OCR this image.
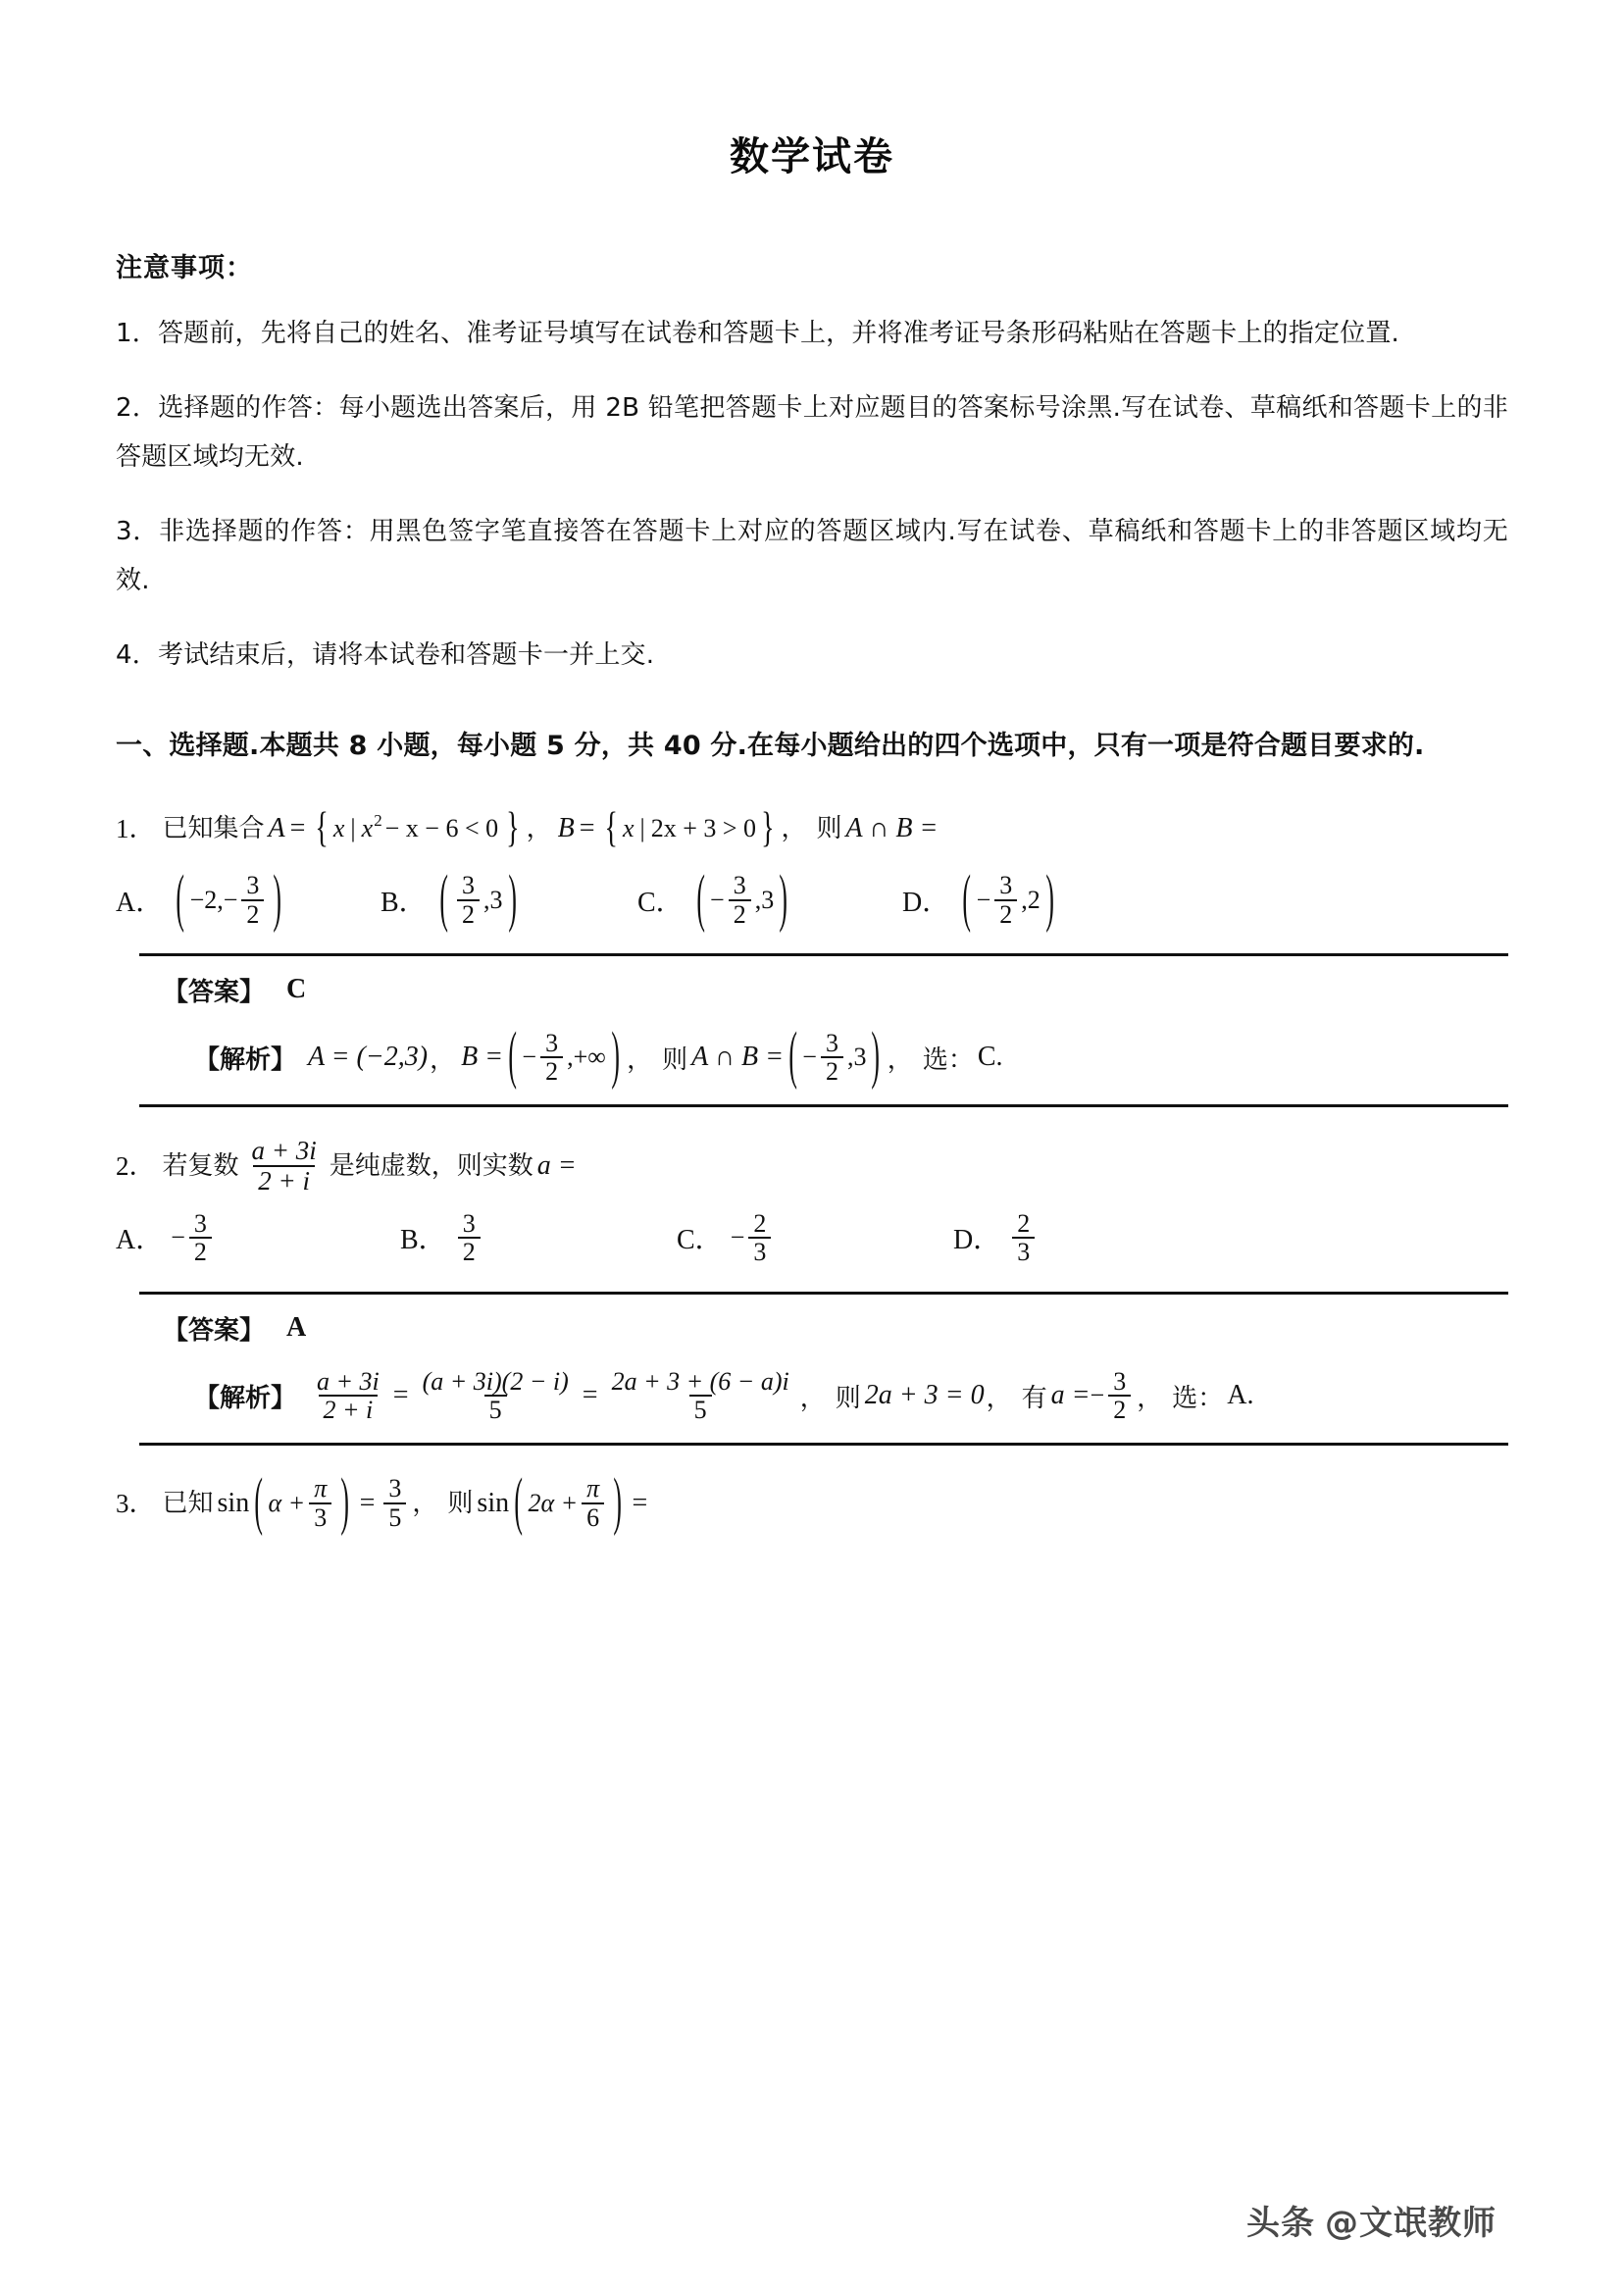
数学试卷
注意事项：
1．答题前，先将自己的姓名、准考证号填写在试卷和答题卡上，并将准考证号条形码粘贴在答题卡上的指定位置.
2．选择题的作答：每小题选出答案后，用 2B 铅笔把答题卡上对应题目的答案标号涂黑.写在试卷、草稿纸和答题卡上的非答题区域均无效.
3．非选择题的作答：用黑色签字笔直接答在答题卡上对应的答题区域内.写在试卷、草稿纸和答题卡上的非答题区域均无效.
4．考试结束后，请将本试卷和答题卡一并上交.
一、选择题.本题共 8 小题，每小题 5 分，共 40 分.在每小题给出的四个选项中，只有一项是符合题目要求的.
1． 已知集合 A = { x | x 2 − x − 6 < 0 } ， B = { x | 2x + 3 > 0 } ， 则 A ∩ B =
A． ( −2, − $\frac{3}{2}$ )	B． ( $\frac{3}{2} ,3$ )	C． ( − $\frac{3}{2} ,3$ )	D． ( − $\frac{3}{2} ,2$ )
【答案】 C
【解析】 A = (−2,3) ， B = ( − $\frac{3}{2}$ ,+∞ ) ， 则 A ∩ B = ( − $\frac{3}{2} ,3$ ) ， 选： C.
2． 若复数 $\frac{a + 3i}{2 + i}$ 是纯虚数，则实数 a =
A． − $\frac{3}{2}$	B． $\frac{3}{2}$	C． − $\frac{2}{3}$	D． $\frac{2}{3}$
【答案】 A
【解析】 $\frac{a + 3i}{2 + i} = \frac{(a + 3i)(2 - i)}{5} = \frac{2a + 3 + (6 - a)i}{5}$ ， 则 2a + 3 = 0 ， 有 a = − $\frac{3}{2}$ ， 选： A.
3． 已知 sin ( $\alpha + \frac{\pi}{3}$ ) = $\frac{3}{5}$ ， 则 sin ( $2\alpha + \frac{\pi}{6}$ ) =
头条 @文氓教师
